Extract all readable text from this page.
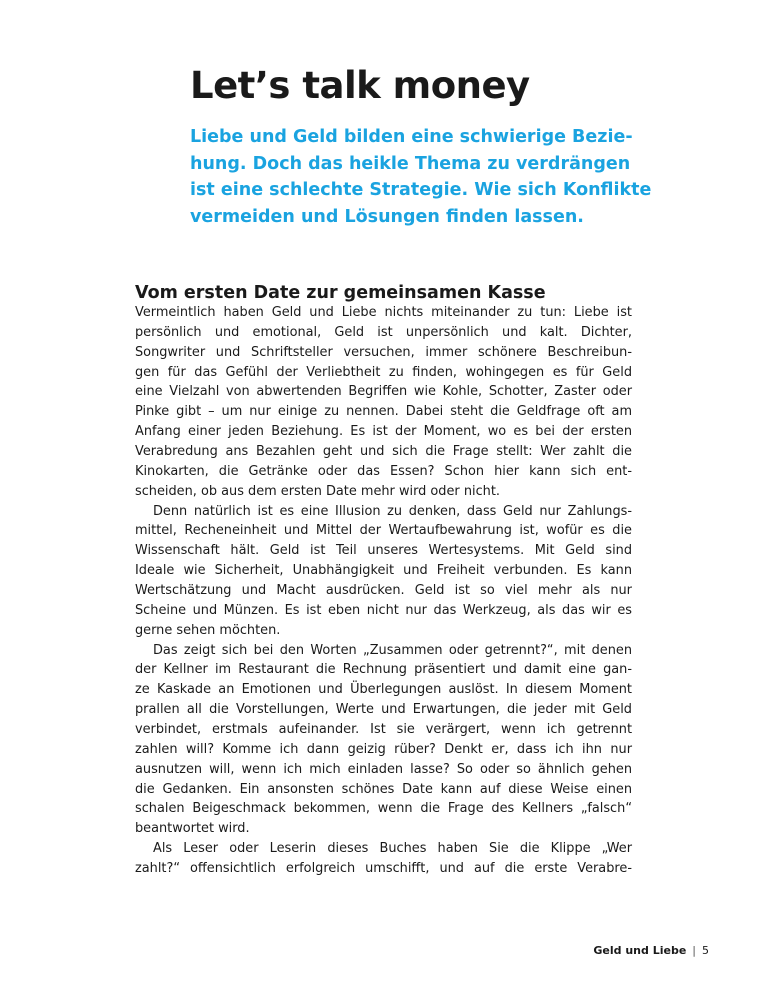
Let’s talk money

Liebe und Geld bilden eine schwierige Bezie-
hung. Doch das heikle Thema zu verdrängen
ist eine schlechte Strategie. Wie sich Konflikte
vermeiden und Lösungen finden lassen.

Vom ersten Date zur gemeinsamen Kasse
Vermeintlich haben Geld und Liebe nichts miteinander zu tun: Liebe ist
persönlich und emotional, Geld ist unpersönlich und kalt. Dichter,
Songwriter und Schriftsteller versuchen, immer schönere Beschreibun-
gen für das Gefühl der Verliebtheit zu finden, wohingegen es für Geld
eine Vielzahl von abwertenden Begriffen wie Kohle, Schotter, Zaster oder
Pinke gibt – um nur einige zu nennen. Dabei steht die Geldfrage oft am
Anfang einer jeden Beziehung. Es ist der Moment, wo es bei der ersten
Verabredung ans Bezahlen geht und sich die Frage stellt: Wer zahlt die
Kinokarten, die Getränke oder das Essen? Schon hier kann sich ent-
scheiden, ob aus dem ersten Date mehr wird oder nicht.
Denn natürlich ist es eine Illusion zu denken, dass Geld nur Zahlungs-
mittel, Recheneinheit und Mittel der Wertaufbewahrung ist, wofür es die
Wissenschaft hält. Geld ist Teil unseres Wertesystems. Mit Geld sind
Ideale wie Sicherheit, Unabhängigkeit und Freiheit verbunden. Es kann
Wertschätzung und Macht ausdrücken. Geld ist so viel mehr als nur
Scheine und Münzen. Es ist eben nicht nur das Werkzeug, als das wir es
gerne sehen möchten.
Das zeigt sich bei den Worten „Zusammen oder getrennt?“, mit denen
der Kellner im Restaurant die Rechnung präsentiert und damit eine gan-
ze Kaskade an Emotionen und Überlegungen auslöst. In diesem Moment
prallen all die Vorstellungen, Werte und Erwartungen, die jeder mit Geld
verbindet, erstmals aufeinander. Ist sie verärgert, wenn ich getrennt
zahlen will? Komme ich dann geizig rüber? Denkt er, dass ich ihn nur
ausnutzen will, wenn ich mich einladen lasse? So oder so ähnlich gehen
die Gedanken. Ein ansonsten schönes Date kann auf diese Weise einen
schalen Beigeschmack bekommen, wenn die Frage des Kellners „falsch“
beantwortet wird.
Als Leser oder Leserin dieses Buches haben Sie die Klippe „Wer
zahlt?“ offensichtlich erfolgreich umschifft, und auf die erste Verabre-
Geld und Liebe | 5
